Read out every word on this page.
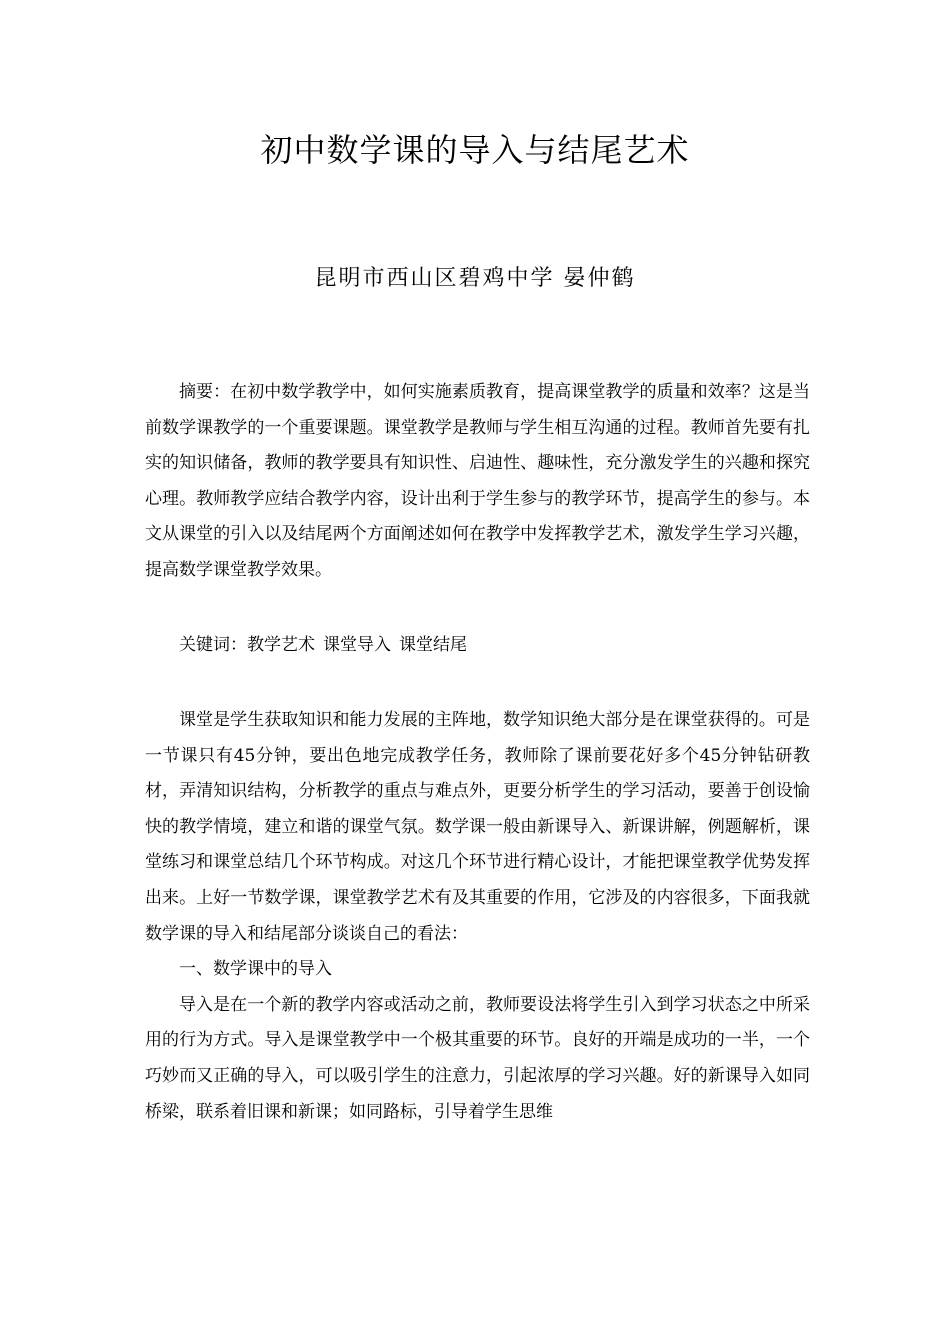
初中数学课的导入与结尾艺术
昆明市西山区碧鸡中学 晏仲鹤

摘要：在初中数学教学中，如何实施素质教育，提高课堂教学的质量和效率？这是当前数学课教学的一个重要课题。课堂教学是教师与学生相互沟通的过程。教师首先要有扎实的知识储备，教师的教学要具有知识性、启迪性、趣味性，充分激发学生的兴趣和探究心理。教师教学应结合教学内容，设计出利于学生参与的教学环节，提高学生的参与。本文从课堂的引入以及结尾两个方面阐述如何在教学中发挥教学艺术，激发学生学习兴趣，提高数学课堂教学效果。

关键词：教学艺术 课堂导入 课堂结尾

课堂是学生获取知识和能力发展的主阵地，数学知识绝大部分是在课堂获得的。可是一节课只有45分钟，要出色地完成教学任务，教师除了课前要花好多个45分钟钻研教材，弄清知识结构，分析教学的重点与难点外，更要分析学生的学习活动，要善于创设愉快的教学情境，建立和谐的课堂气氛。数学课一般由新课导入、新课讲解，例题解析，课堂练习和课堂总结几个环节构成。对这几个环节进行精心设计，才能把课堂教学优势发挥出来。上好一节数学课，课堂教学艺术有及其重要的作用，它涉及的内容很多，下面我就数学课的导入和结尾部分谈谈自己的看法：

一、数学课中的导入

导入是在一个新的教学内容或活动之前，教师要设法将学生引入到学习状态之中所采用的行为方式。导入是课堂教学中一个极其重要的环节。良好的开端是成功的一半，一个巧妙而又正确的导入，可以吸引学生的注意力，引起浓厚的学习兴趣。好的新课导入如同桥梁，联系着旧课和新课；如同路标，引导着学生思维
